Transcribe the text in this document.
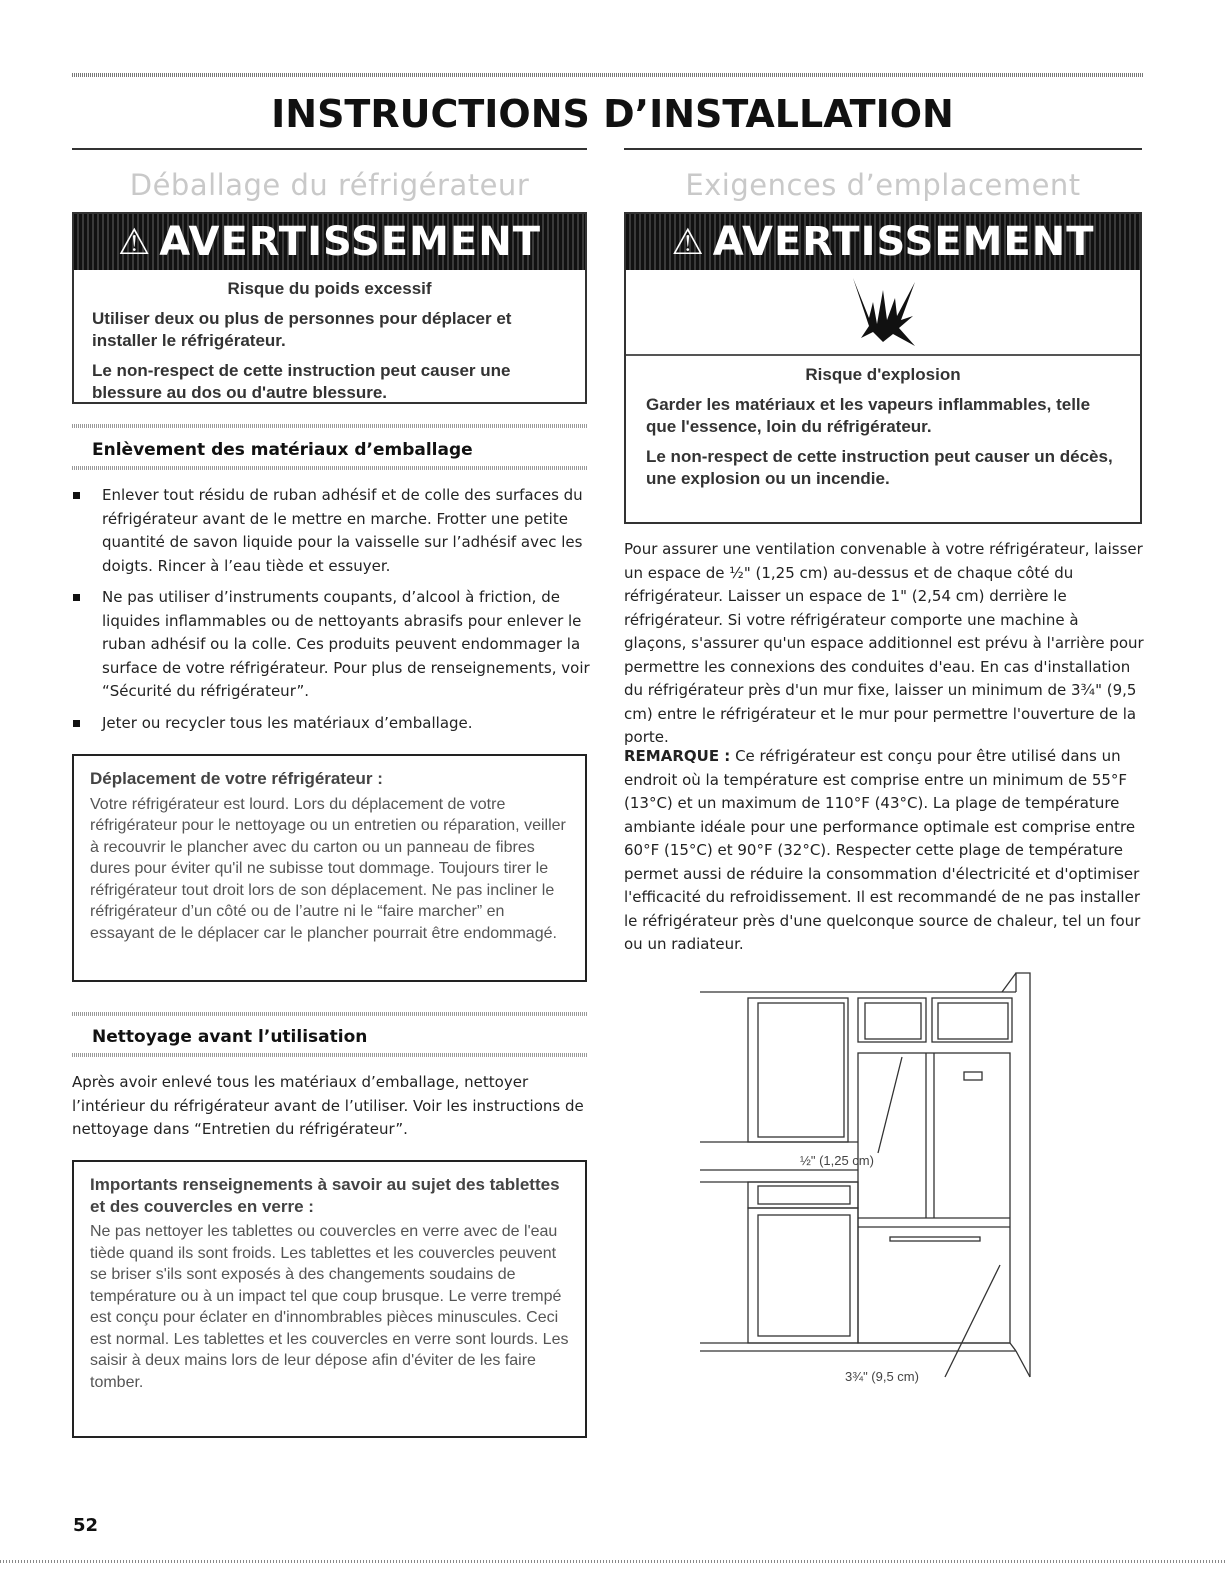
INSTRUCTIONS D’INSTALLATION
Déballage du réfrigérateur
⚠ AVERTISSEMENT
Risque du poids excessif

Utiliser deux ou plus de personnes pour déplacer et installer le réfrigérateur.

Le non-respect de cette instruction peut causer une blessure au dos ou d'autre blessure.

Enlèvement des matériaux d’emballage
Enlever tout résidu de ruban adhésif et de colle des surfaces du réfrigérateur avant de le mettre en marche. Frotter une petite quantité de savon liquide pour la vaisselle sur l’adhésif avec les doigts. Rincer à l’eau tiède et essuyer.
Ne pas utiliser d’instruments coupants, d’alcool à friction, de liquides inflammables ou de nettoyants abrasifs pour enlever le ruban adhésif ou la colle. Ces produits peuvent endommager la surface de votre réfrigérateur. Pour plus de renseignements, voir “Sécurité du réfrigérateur”.
Jeter ou recycler tous les matériaux d’emballage.
Déplacement de votre réfrigérateur :
Votre réfrigérateur est lourd. Lors du déplacement de votre réfrigérateur pour le nettoyage ou un entretien ou réparation, veiller à recouvrir le plancher avec du carton ou un panneau de fibres dures pour éviter qu'il ne subisse tout dommage. Toujours tirer le réfrigérateur tout droit lors de son déplacement. Ne pas incliner le réfrigérateur d’un côté ou de l’autre ni le “faire marcher” en essayant de le déplacer car le plancher pourrait être endommagé.
Nettoyage avant l’utilisation
Après avoir enlevé tous les matériaux d’emballage, nettoyer l’intérieur du réfrigérateur avant de l’utiliser. Voir les instructions de nettoyage dans “Entretien du réfrigérateur”.
Importants renseignements à savoir au sujet des tablettes et des couvercles en verre :
Ne pas nettoyer les tablettes ou couvercles en verre avec de l'eau tiède quand ils sont froids. Les tablettes et les couvercles peuvent se briser s'ils sont exposés à des changements soudains de température ou à un impact tel que coup brusque. Le verre trempé est conçu pour éclater en d'innombrables pièces minuscules. Ceci est normal. Les tablettes et les couvercles en verre sont lourds. Les saisir à deux mains lors de leur dépose afin d'éviter de les faire tomber.
Exigences d’emplacement
⚠ AVERTISSEMENT
Risque d'explosion

Garder les matériaux et les vapeurs inflammables, telle que l'essence, loin du réfrigérateur.

Le non-respect de cette instruction peut causer un décès, une explosion ou un incendie.

Pour assurer une ventilation convenable à votre réfrigérateur, laisser un espace de ½" (1,25 cm) au-dessus et de chaque côté du réfrigérateur. Laisser un espace de 1" (2,54 cm) derrière le réfrigérateur. Si votre réfrigérateur comporte une machine à glaçons, s'assurer qu'un espace additionnel est prévu à l'arrière pour permettre les connexions des conduites d'eau. En cas d'installation du réfrigérateur près d'un mur fixe, laisser un minimum de 3¾" (9,5 cm) entre le réfrigérateur et le mur pour permettre l'ouverture de la porte.
REMARQUE : Ce réfrigérateur est conçu pour être utilisé dans un endroit où la température est comprise entre un minimum de 55°F (13°C) et un maximum de 110°F (43°C). La plage de température ambiante idéale pour une performance optimale est comprise entre 60°F (15°C) et 90°F (32°C). Respecter cette plage de température permet aussi de réduire la consommation d'électricité et d'optimiser l'efficacité du refroidissement. Il est recommandé de ne pas installer le réfrigérateur près d'une quelconque source de chaleur, tel un four ou un radiateur.
½" (1,25 cm)
3¾" (9,5 cm)
52
